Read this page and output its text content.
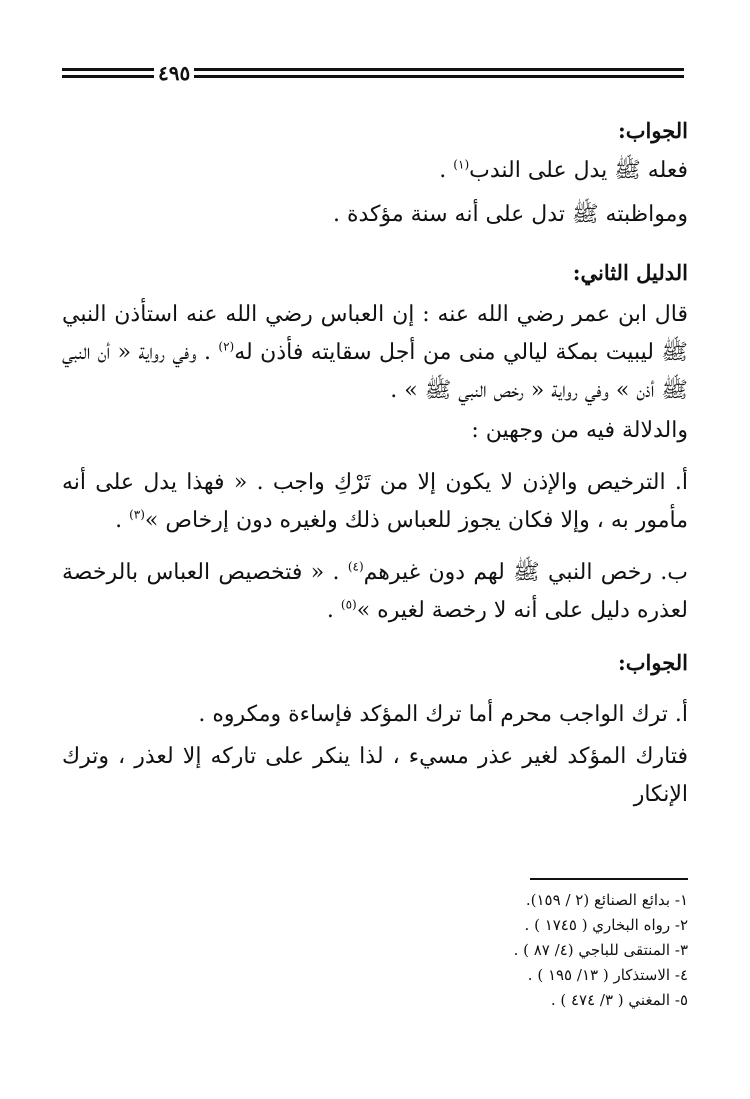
٤٩٥

الجواب:

فعله ﷺ يدل على الندب$^{(١)}$ .

ومواظبته ﷺ تدل على أنه سنة مؤكدة .

الدليل الثاني:

قال ابن عمر رضي الله عنه : إن العباس رضي الله عنه استأذن النبي ﷺ ليبيت بمكة ليالي منى من أجل سقايته فأذن له$^{(٢)}$ . وفي رواية « أن النبي ﷺ أذن » وفي رواية « رخص النبي ﷺ » .

والدلالة فيه من وجهين :

أ. الترخيص والإذن لا يكون إلا من تَرْكِ واجب . « فهذا يدل على أنه مأمور به ، وإلا فكان يجوز للعباس ذلك ولغيره دون إرخاص »$^{(٣)}$ .

ب. رخص النبي ﷺ لهم دون غيرهم$^{(٤)}$ . « فتخصيص العباس بالرخصة لعذره دليل على أنه لا رخصة لغيره »$^{(٥)}$ .

الجواب:

أ. ترك الواجب محرم أما ترك المؤكد فإساءة ومكروه .

فتارك المؤكد لغير عذر مسيء ، لذا ينكر على تاركه إلا لعذر ، وترك الإنكار

١- بدائع الصنائع (٢ / ١٥٩).

٢- رواه البخاري ( ١٧٤٥ ) .

٣- المنتقى للباجي (٤/ ٨٧ ) .

٤- الاستذكار ( ١٣/ ١٩٥ ) .

٥- المغني ( ٣/ ٤٧٤ ) .
